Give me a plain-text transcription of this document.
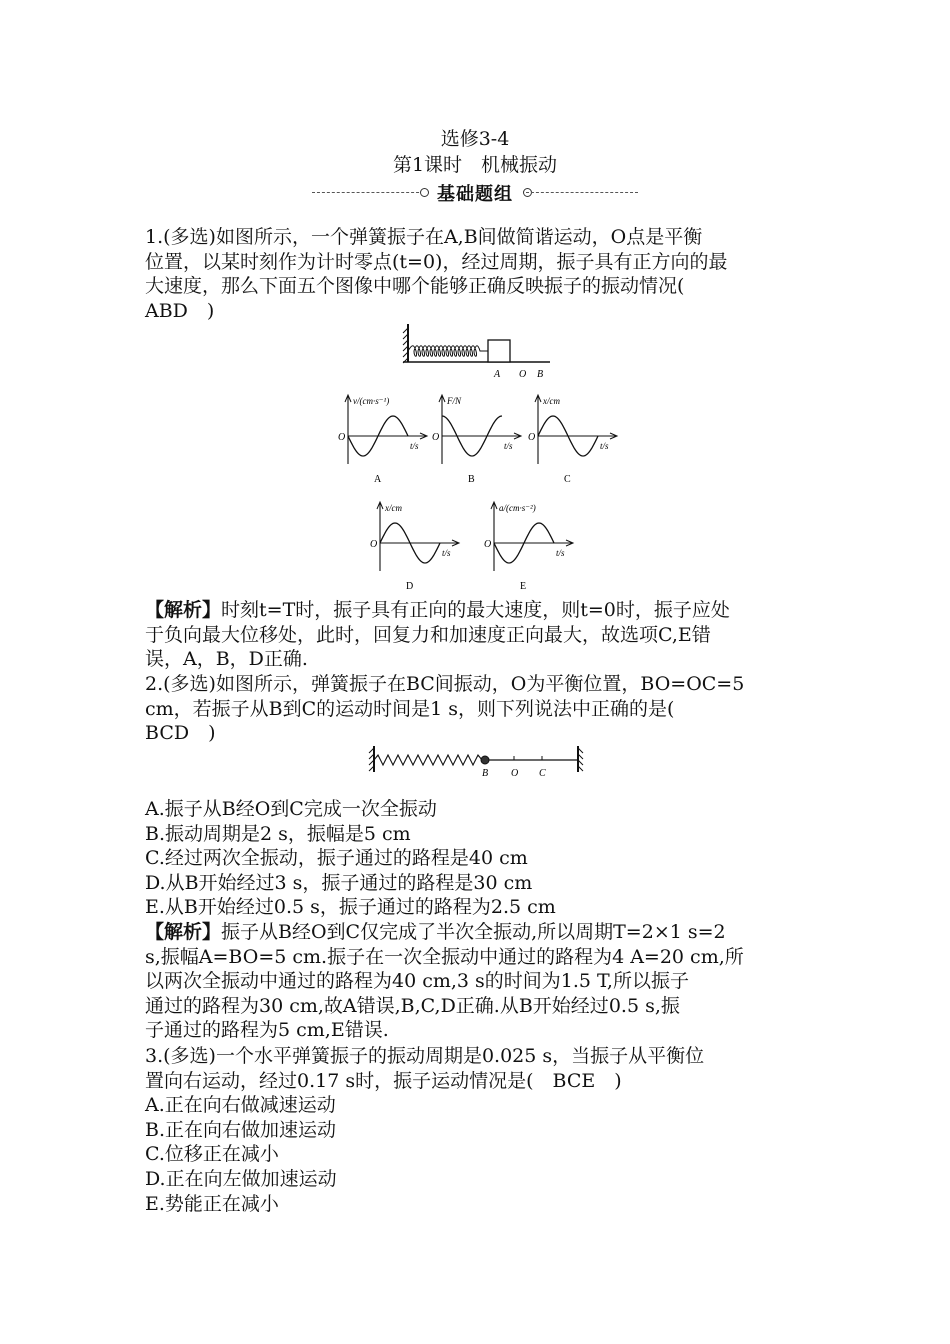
选修3-4
第1课时　机械振动
基础题组

1.(多选)如图所示，一个弹簧振子在A,B间做简谐运动，O点是平衡

位置，以某时刻作为计时零点(t=0)，经过周期，振子具有正方向的最

大速度，那么下面五个图像中哪个能够正确反映振子的振动情况(

ABD　)

A O B
v/(cm·s⁻¹)
t/s
O
A
F/N
t/s
O
B
x/cm
t/s
O
C
x/cm
t/s
O
D
a/(cm·s⁻²)
t/s
O
E

【解析】时刻t=T时，振子具有正向的最大速度，则t=0时，振子应处

于负向最大位移处，此时，回复力和加速度正向最大，故选项C,E错

误，A，B，D正确.

2.(多选)如图所示，弹簧振子在BC间振动，O为平衡位置，BO=OC=5

cm，若振子从B到C的运动时间是1 s，则下列说法中正确的是(

BCD　)

B O C

A.振子从B经O到C完成一次全振动

B.振动周期是2 s，振幅是5 cm

C.经过两次全振动，振子通过的路程是40 cm

D.从B开始经过3 s，振子通过的路程是30 cm

E.从B开始经过0.5 s，振子通过的路程为2.5 cm

【解析】振子从B经O到C仅完成了半次全振动,所以周期T=2×1 s=2

s,振幅A=BO=5 cm.振子在一次全振动中通过的路程为4 A=20 cm,所

以两次全振动中通过的路程为40 cm,3 s的时间为1.5 T,所以振子

通过的路程为30 cm,故A错误,B,C,D正确.从B开始经过0.5 s,振

子通过的路程为5 cm,E错误.

3.(多选)一个水平弹簧振子的振动周期是0.025 s，当振子从平衡位

置向右运动，经过0.17 s时，振子运动情况是(　BCE　)

A.正在向右做减速运动

B.正在向右做加速运动

C.位移正在减小

D.正在向左做加速运动

E.势能正在减小
